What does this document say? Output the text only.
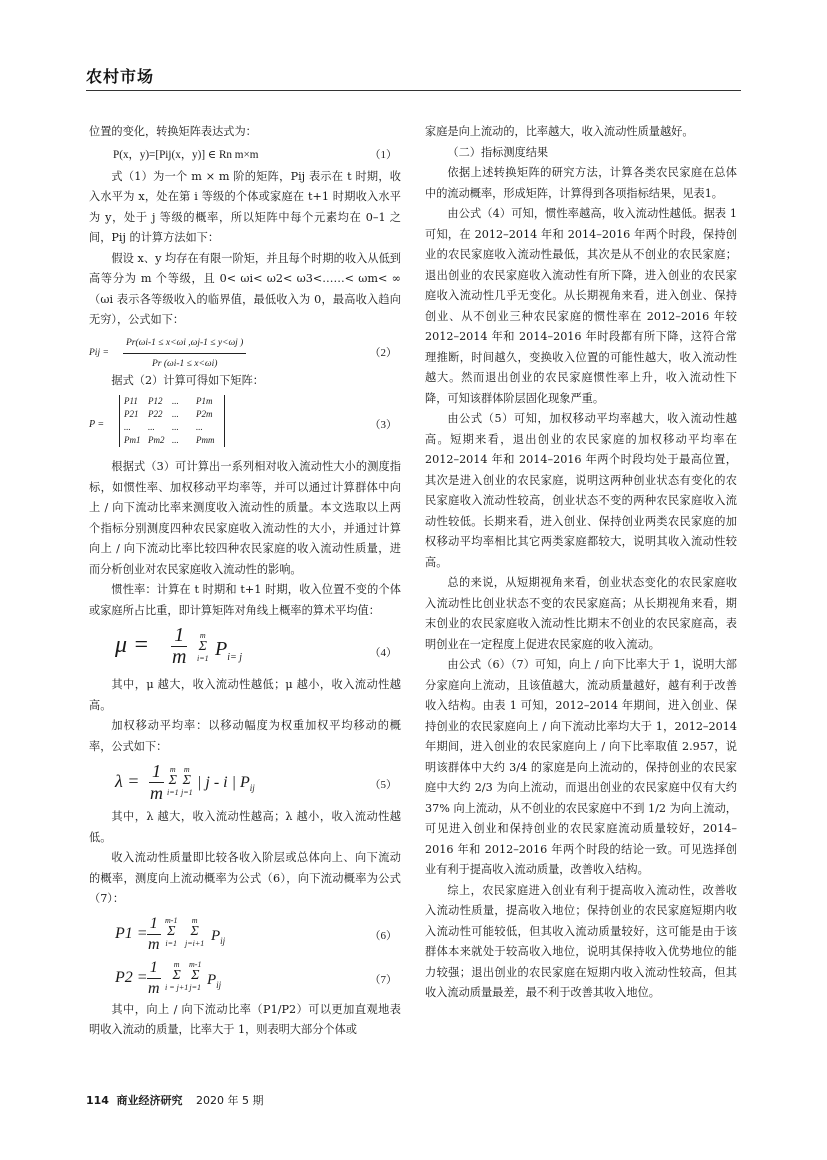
农村市场

位置的变化，转换矩阵表达式为：

P(x，y)=[Pij(x，y)] ∈ Rn m×m	（1）

式（1）为一个 m × m 阶的矩阵，Pij 表示在 t 时期，收入水平为 x，处在第 i 等级的个体或家庭在 t+1 时期收入水平为 y，处于 j 等级的概率，所以矩阵中每个元素均在 0–1 之间，Pij 的计算方法如下：

假设 x、y 均存在有限一阶矩，并且每个时期的收入从低到高等分为 m 个等级，且 0< ωi< ω2< ω3<……< ωm< ∞（ωi 表示各等级收入的临界值，最低收入为 0，最高收入趋向无穷），公式如下：

Pij = $\frac{Pr(\omega i-1 \le x<\omega i ,\omega j-1 \le y<\omega j )}{Pr (\omega i-1 \le x<\omega i)}$	（2）

据式（2）计算可得如下矩阵：

P =
P11 P12 ... P1m
P21 P22 ... P2m
... ... ... ...
Pm1 Pm2 ... Pmm
（3）

根据式（3）可计算出一系列相对收入流动性大小的测度指标，如惯性率、加权移动平均率等，并可以通过计算群体中向上 / 向下流动比率来测度收入流动性的质量。本文选取以上两个指标分别测度四种农民家庭收入流动性的大小，并通过计算向上 / 向下流动比率比较四种农民家庭的收入流动性质量，进而分析创业对农民家庭收入流动性的影响。

惯性率：计算在 t 时期和 t+1 时期，收入位置不变的个体或家庭所占比重，即计算矩阵对角线上概率的算术平均值：

$\mu = \frac{1}{m}$ m
Σ
i=1 $P_{i= j}$	（4）

其中，μ 越大，收入流动性越低；μ 越小，收入流动性越高。

加权移动平均率：以移动幅度为权重加权平均移动的概率，公式如下：

$\lambda = \frac{1}{m}$ m
Σ
i=1
m
Σ
j=1
| j - i | $P_{ij}$	（5）

其中，λ 越大，收入流动性越高；λ 越小，收入流动性越低。

收入流动性质量即比较各收入阶层或总体向上、向下流动的概率，测度向上流动概率为公式（6），向下流动概率为公式（7）：

P1 =
$\frac{1}{m} m-1$
Σ
i=1
m
Σ
j=i+1 $P_{ij}$	（6）
P2 =
$\frac{1}{m}$ m
Σ
i = j+1
m-1
Σ
j=1 $P_{ij}$	（7）

其中，向上 / 向下流动比率（P1/P2）可以更加直观地表明收入流动的质量，比率大于 1，则表明大部分个体或

家庭是向上流动的，比率越大，收入流动性质量越好。

（二）指标测度结果

依据上述转换矩阵的研究方法，计算各类农民家庭在总体中的流动概率，形成矩阵，计算得到各项指标结果，见表1。

由公式（4）可知，惯性率越高，收入流动性越低。据表 1 可知，在 2012–2014 年和 2014–2016 年两个时段，保持创业的农民家庭收入流动性最低，其次是从不创业的农民家庭；退出创业的农民家庭收入流动性有所下降，进入创业的农民家庭收入流动性几乎无变化。从长期视角来看，进入创业、保持创业、从不创业三种农民家庭的惯性率在 2012–2016 年较 2012–2014 年和 2014–2016 年时段都有所下降，这符合常理推断，时间越久，变换收入位置的可能性越大，收入流动性越大。然而退出创业的农民家庭惯性率上升，收入流动性下降，可知该群体阶层固化现象严重。

由公式（5）可知，加权移动平均率越大，收入流动性越高。短期来看，退出创业的农民家庭的加权移动平均率在 2012–2014 年和 2014–2016 年两个时段均处于最高位置，其次是进入创业的农民家庭，说明这两种创业状态有变化的农民家庭收入流动性较高，创业状态不变的两种农民家庭收入流动性较低。长期来看，进入创业、保持创业两类农民家庭的加权移动平均率相比其它两类家庭都较大，说明其收入流动性较高。

总的来说，从短期视角来看，创业状态变化的农民家庭收入流动性比创业状态不变的农民家庭高；从长期视角来看，期末创业的农民家庭收入流动性比期末不创业的农民家庭高，表明创业在一定程度上促进农民家庭的收入流动。

由公式（6）（7）可知，向上 / 向下比率大于 1，说明大部分家庭向上流动，且该值越大，流动质量越好，越有利于改善收入结构。由表 1 可知，2012–2014 年期间，进入创业、保持创业的农民家庭向上 / 向下流动比率均大于 1，2012–2014 年期间，进入创业的农民家庭向上 / 向下比率取值 2.957，说明该群体中大约 3/4 的家庭是向上流动的，保持创业的农民家庭中大约 2/3 为向上流动，而退出创业的农民家庭中仅有大约 37% 向上流动，从不创业的农民家庭中不到 1/2 为向上流动，可见进入创业和保持创业的农民家庭流动质量较好，2014–2016 年和 2012–2016 年两个时段的结论一致。可见选择创业有利于提高收入流动质量，改善收入结构。

综上，农民家庭进入创业有利于提高收入流动性，改善收入流动性质量，提高收入地位；保持创业的农民家庭短期内收入流动性可能较低，但其收入流动质量较好，这可能是由于该群体本来就处于较高收入地位，说明其保持收入优势地位的能力较强；退出创业的农民家庭在短期内收入流动性较高，但其收入流动质量最差，最不利于改善其收入地位。

114 商业经济研究 2020 年 5 期
